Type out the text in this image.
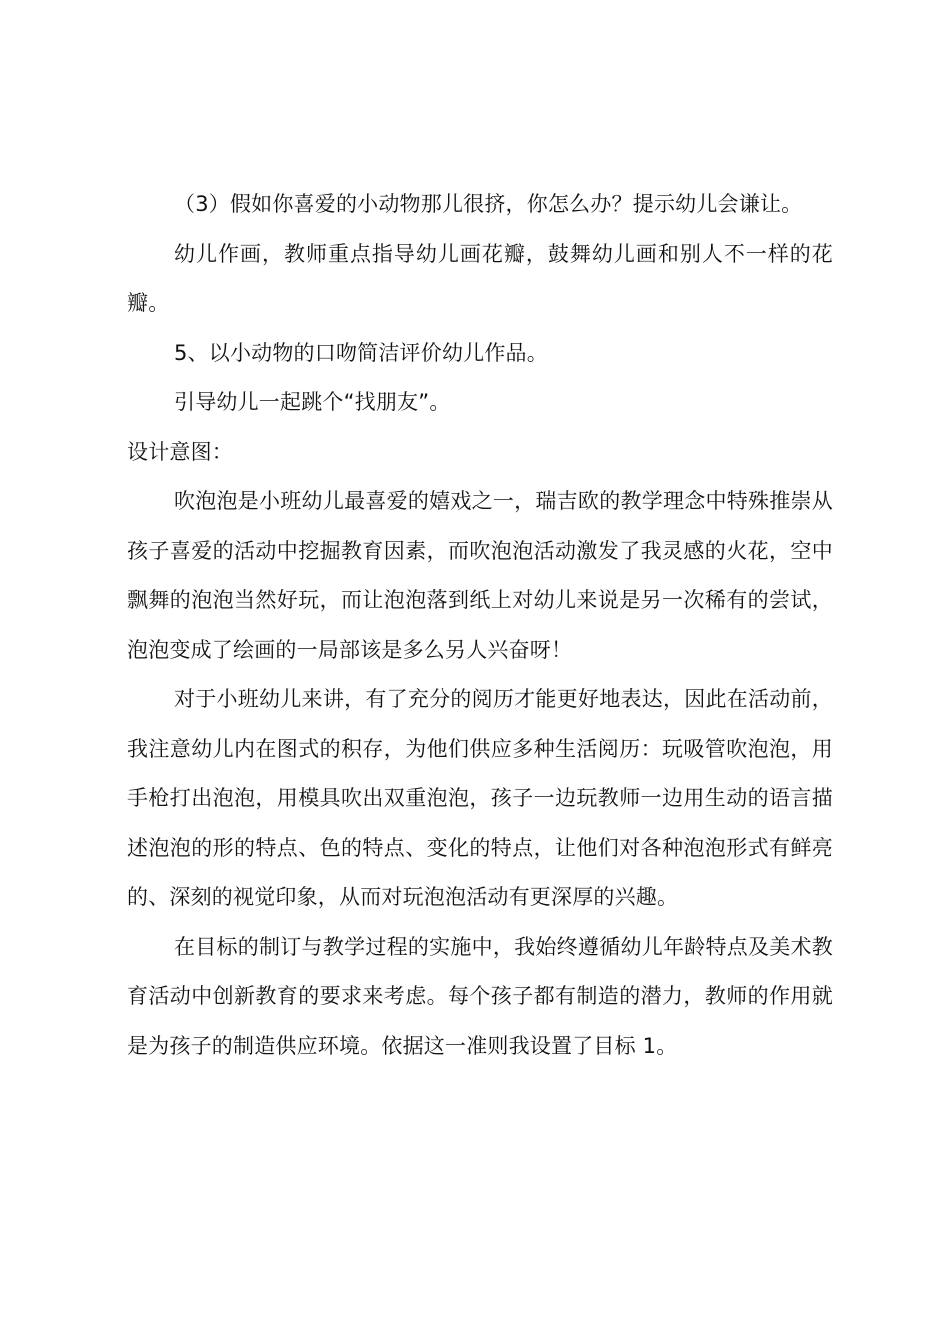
（3）假如你喜爱的小动物那儿很挤，你怎么办？提示幼儿会谦让。

幼儿作画，教师重点指导幼儿画花瓣，鼓舞幼儿画和别人不一样的花瓣。

5、以小动物的口吻简洁评价幼儿作品。

引导幼儿一起跳个“找朋友”。

设计意图：

吹泡泡是小班幼儿最喜爱的嬉戏之一，瑞吉欧的教学理念中特殊推崇从孩子喜爱的活动中挖掘教育因素，而吹泡泡活动激发了我灵感的火花，空中飘舞的泡泡当然好玩，而让泡泡落到纸上对幼儿来说是另一次稀有的尝试，泡泡变成了绘画的一局部该是多么另人兴奋呀！

对于小班幼儿来讲，有了充分的阅历才能更好地表达，因此在活动前，我注意幼儿内在图式的积存，为他们供应多种生活阅历：玩吸管吹泡泡，用手枪打出泡泡，用模具吹出双重泡泡，孩子一边玩教师一边用生动的语言描述泡泡的形的特点、色的特点、变化的特点，让他们对各种泡泡形式有鲜亮的、深刻的视觉印象，从而对玩泡泡活动有更深厚的兴趣。

在目标的制订与教学过程的实施中，我始终遵循幼儿年龄特点及美术教育活动中创新教育的要求来考虑。每个孩子都有制造的潜力，教师的作用就是为孩子的制造供应环境。依据这一准则我设置了目标 1。
